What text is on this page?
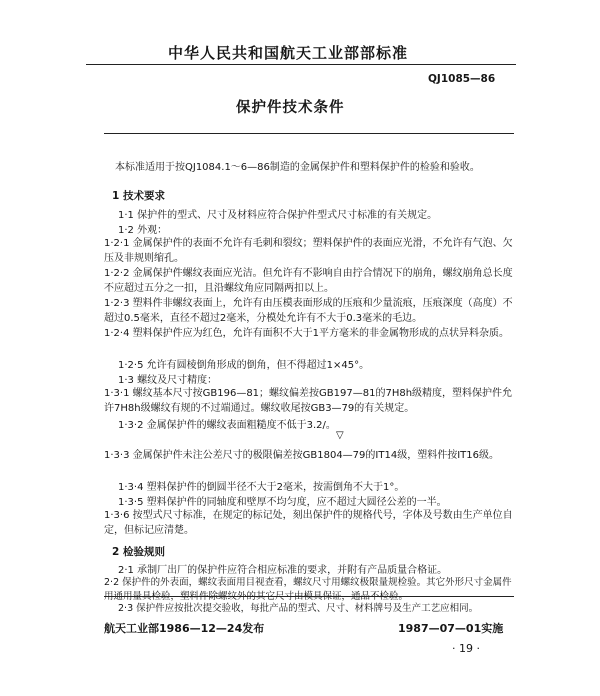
中华人民共和国航天工业部部标准
QJ1085—86
保护件技术条件
本标准适用于按QJ1084.1～6—86制造的金属保护件和塑料保护件的检验和验收。
1 技术要求
1·1 保护件的型式、尺寸及材料应符合保护件型式尺寸标准的有关规定。
1·2 外观：
1·2·1 金属保护件的表面不允许有毛刺和裂纹；塑料保护件的表面应光滑，不允许有气泡、欠压及非规则缩孔。
1·2·2 金属保护件螺纹表面应光洁。但允许有不影响自由拧合情况下的崩角，螺纹崩角总长度不应超过五分之一扣，且沿螺纹角应同隔两扣以上。
1·2·3 塑料件非螺纹表面上，允许有由压模表面形成的压痕和少量流痕，压痕深度（高度）不超过0.5毫米，直径不超过2毫米，分模处允许有不大于0.3毫米的毛边。
1·2·4 塑料保护件应为红色，允许有面积不大于1平方毫米的非金属物形成的点状异料杂质。
1·2·5 允许有圆棱倒角形成的倒角，但不得超过1×45°。
1·3 螺纹及尺寸精度：
1·3·1 螺纹基本尺寸按GB196—81；螺纹偏差按GB197—81的7H8h级精度，塑料保护件允许7H8h级螺纹有规的不过端通过。螺纹收尾按GB3—79的有关规定。
1·3·2 金属保护件的螺纹表面粗糙度不低于3.2/。
▽
1·3·3 金属保护件未注公差尺寸的极限偏差按GB1804—79的IT14级，塑料件按IT16级。
1·3·4 塑料保护件的倒圆半径不大于2毫米，按需倒角不大于1°。
1·3·5 塑料保护件的同轴度和壁厚不均匀度，应不超过大圆径公差的一半。
1·3·6 按型式尺寸标准，在规定的标记处，刻出保护件的规格代号，字体及号数由生产单位自定，但标记应清楚。
2 检验规则
2·1 承制厂出厂的保护件应符合相应标准的要求，并附有产品质量合格证。
2·2 保护件的外表面，螺纹表面用目视查看，螺纹尺寸用螺纹极限量规检验。其它外形尺寸金属件用通用量具检验，塑料件除螺纹外的其它尺寸由模具保证，通品不检验。
2·3 保护件应按批次提交验收，每批产品的型式、尺寸、材料牌号及生产工艺应相同。
航天工业部1986—12—24发布	1987—07—01实施
· 19 ·
